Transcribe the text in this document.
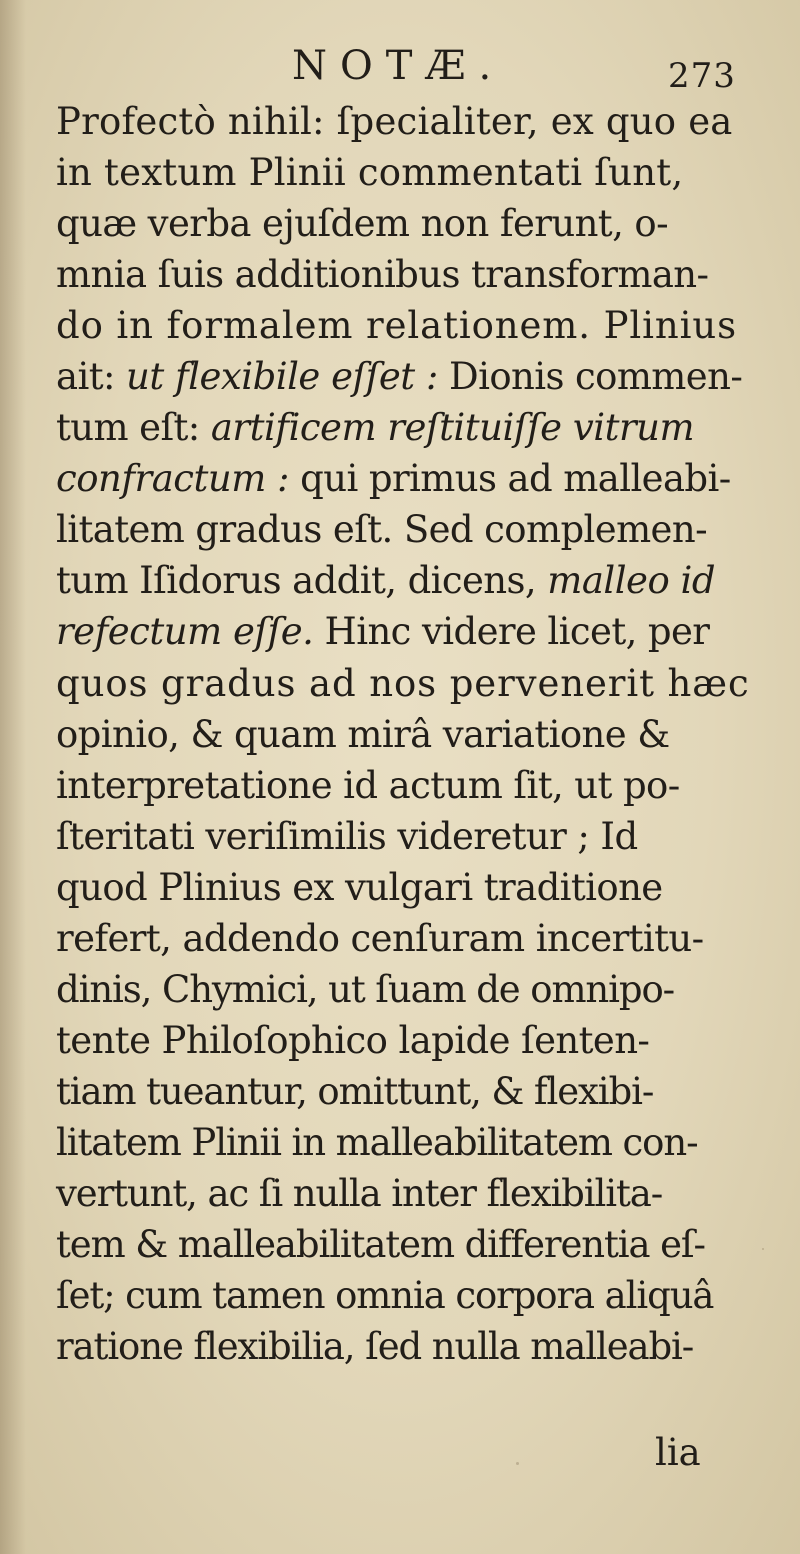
NOTÆ.	273
Profectò nihil: ſpecialiter, ex quo ea
in textum Plinii commentati ſunt,
quæ verba ejuſdem non ferunt, o-
mnia ſuis additionibus transforman-
do in formalem relationem. Plinius
ait: ut flexibile eſſet : Dionis commen-
tum eſt: artificem reſtituiſſe vitrum
confractum : qui primus ad malleabi-
litatem gradus eſt. Sed complemen-
tum Iſidorus addit, dicens, malleo id
refectum eſſe. Hinc videre licet, per
quos gradus ad nos pervenerit hæc
opinio, & quam mirâ variatione &
interpretatione id actum ſit, ut po-
ſteritati veriſimilis videretur ; Id
quod Plinius ex vulgari traditione
refert, addendo cenſuram incertitu-
dinis, Chymici, ut ſuam de omnipo-
tente Philoſophico lapide ſenten-
tiam tueantur, omittunt, & flexibi-
litatem Plinii in malleabilitatem con-
vertunt, ac ſi nulla inter flexibilita-
tem & malleabilitatem differentia eſ-
ſet; cum tamen omnia corpora aliquâ
ratione flexibilia, ſed nulla malleabi-
lia
